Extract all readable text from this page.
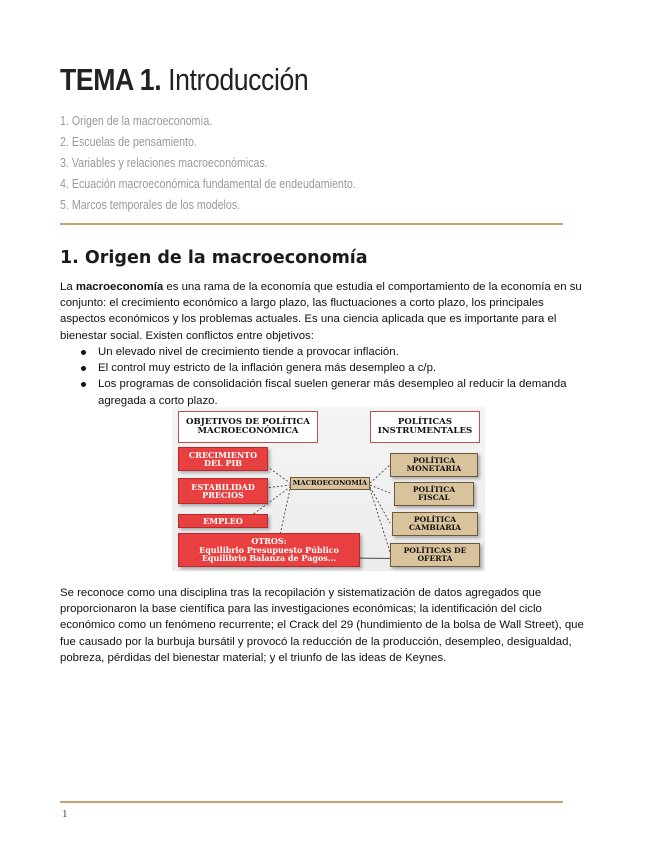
TEMA 1. Introducción
1. Origen de la macroeconomía.
2. Escuelas de pensamiento.
3. Variables y relaciones macroeconómicas.
4. Ecuación macroeconómica fundamental de endeudamiento.
5. Marcos temporales de los modelos.
1. Origen de la macroeconomía
La macroeconomía es una rama de la economía que estudia el comportamiento de la economía en su conjunto: el crecimiento económico a largo plazo, las fluctuaciones a corto plazo, los principales aspectos económicos y los problemas actuales. Es una ciencia aplicada que es importante para el bienestar social. Existen conflictos entre objetivos:
Un elevado nivel de crecimiento tiende a provocar inflación.
El control muy estricto de la inflación genera más desempleo a c/p.
Los programas de consolidación fiscal suelen generar más desempleo al reducir la demanda agregada a corto plazo.
OBJETIVOS DE POLÍTICA
MACROECONÓMICA
POLÍTICAS
INSTRUMENTALES
CRECIMIENTO
DEL PIB
ESTABILIDAD
PRECIOS
EMPLEO
OTROS:
Equilibrio Presupuesto Público
Equilibrio Balanza de Pagos...
MACROECONOMÍA
POLÍTICA
MONETARIA
POLÍTICA
FISCAL
POLÍTICA
CAMBIARIA
POLÍTICAS DE
OFERTA
Se reconoce como una disciplina tras la recopilación y sistematización de datos agregados que proporcionaron la base científica para las investigaciones económicas; la identificación del ciclo económico como un fenómeno recurrente; el Crack del 29 (hundimiento de la bolsa de Wall Street), que fue causado por la burbuja bursátil y provocó la reducción de la producción, desempleo, desigualdad, pobreza, pérdidas del bienestar material; y el triunfo de las ideas de Keynes.
1
